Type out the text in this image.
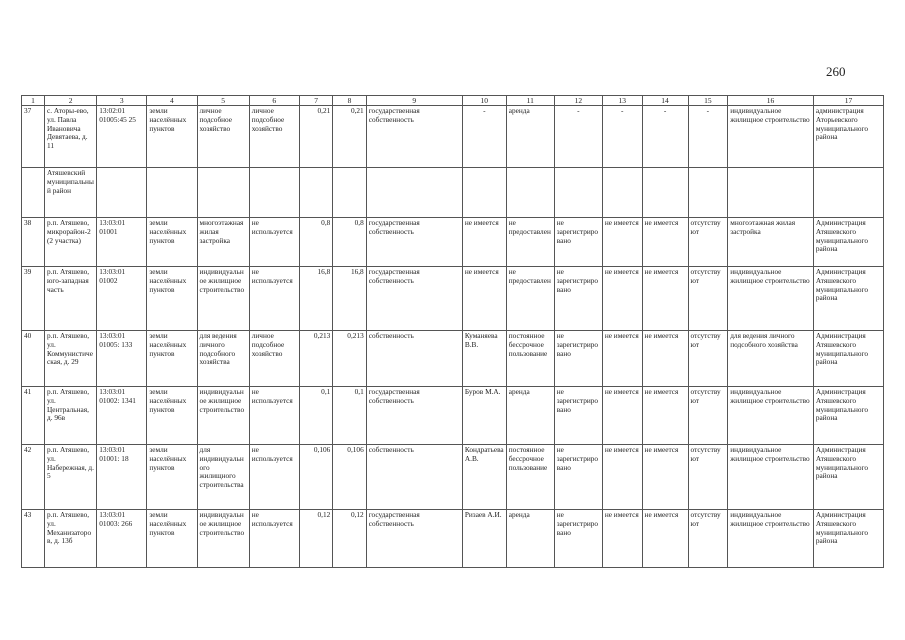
260
1	2	3	4	5	6	7	8	9	10	11	12	13	14	15	16	17
37	с. Аторы-ево, ул. Павла Ивановича Девятаева, д. 11	13:02:01 01005:45 25	земли населённых пунктов	личное подсобное хозяйство	личное подсобное хозяйство	0,21	0,21	государственная собственность	-	аренда	-	-	-	-	индивидуальное жилищное строительство	администрация Аторьевского муниципального района
	Атяшевский муниципальный район															
38	р.п. Атяшево, микрорайон-2 (2 участка)	13:03:01 01001	земли населённых пунктов	многоэтажная жилая застройка	не используется	0,8	0,8	государственная собственность	не имеется	не предоставлен	не зарегистрировано	не имеется	не имеется	отсутствуют	многоэтажная жилая застройка	Администрация Атяшевского муниципального района
39	р.п. Атяшево, юго-западная часть	13:03:01 01002	земли населённых пунктов	индивидуальное жилищное строительство	не используется	16,8	16,8	государственная собственность	не имеется	не предоставлен	не зарегистрировано	не имеется	не имеется	отсутствуют	индивидуальное жилищное строительство	Администрация Атяшевского муниципального района
40	р.п. Атяшево, ул. Коммунистическая, д. 29	13:03:01 01005: 133	земли населённых пунктов	для ведения личного подсобного хозяйства	личное подсобное хозяйство	0,213	0,213	собственность	Куманяева В.В.	постоянное бессрочное пользование	не зарегистрировано	не имеется	не имеется	отсутствуют	для ведения личного подсобного хозяйства	Администрация Атяшевского муниципального района
41	р.п. Атяшево, ул. Центральная, д. 96в	13:03:01 01002: 1341	земли населённых пунктов	индивидуальное жилищное строительство	не используется	0,1	0,1	государственная собственность	Буров М.А.	аренда	не зарегистрировано	не имеется	не имеется	отсутствуют	индивидуальное жилищное строительство	Администрация Атяшевского муниципального района
42	р.п. Атяшево, ул. Набережная, д. 5	13:03:01 01001: 18	земли населённых пунктов	для индивидуального жилищного строительства	не используется	0,106	0,106	собственность	Кондратьева А.В.	постоянное бессрочное пользование	не зарегистрировано	не имеется	не имеется	отсутствуют	индивидуальное жилищное строительство	Администрация Атяшевского муниципального района
43	р.п. Атяшево, ул. Механизаторов, д. 13б	13:03:01 01003: 266	земли населённых пунктов	индивидуальное жилищное строительство	не используется	0,12	0,12	государственная собственность	Ризаев А.И.	аренда	не зарегистрировано	не имеется	не имеется	отсутствуют	индивидуальное жилищное строительство	Администрация Атяшевского муниципального района
